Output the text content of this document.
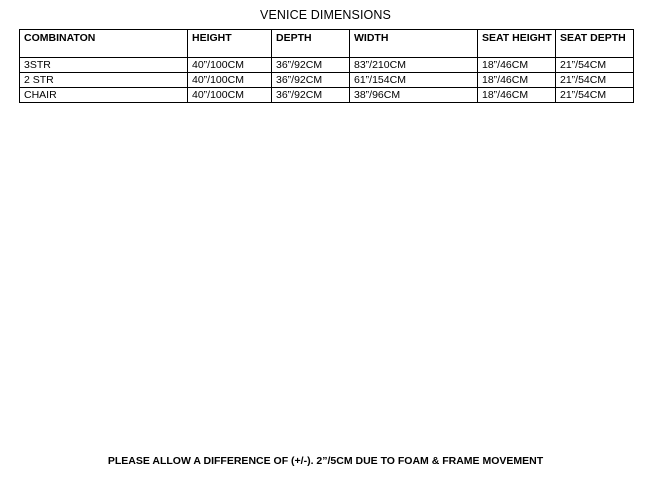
VENICE DIMENSIONS
COMBINATON	HEIGHT	DEPTH	WIDTH	SEAT HEIGHT	SEAT DEPTH
3STR	40”/100CM	36”/92CM	83”/210CM	18”/46CM	21”/54CM
2 STR	40”/100CM	36”/92CM	61”/154CM	18”/46CM	21”/54CM
CHAIR	40”/100CM	36”/92CM	38”/96CM	18”/46CM	21”/54CM
PLEASE ALLOW A DIFFERENCE OF (+/-). 2”/5CM DUE TO FOAM & FRAME MOVEMENT
